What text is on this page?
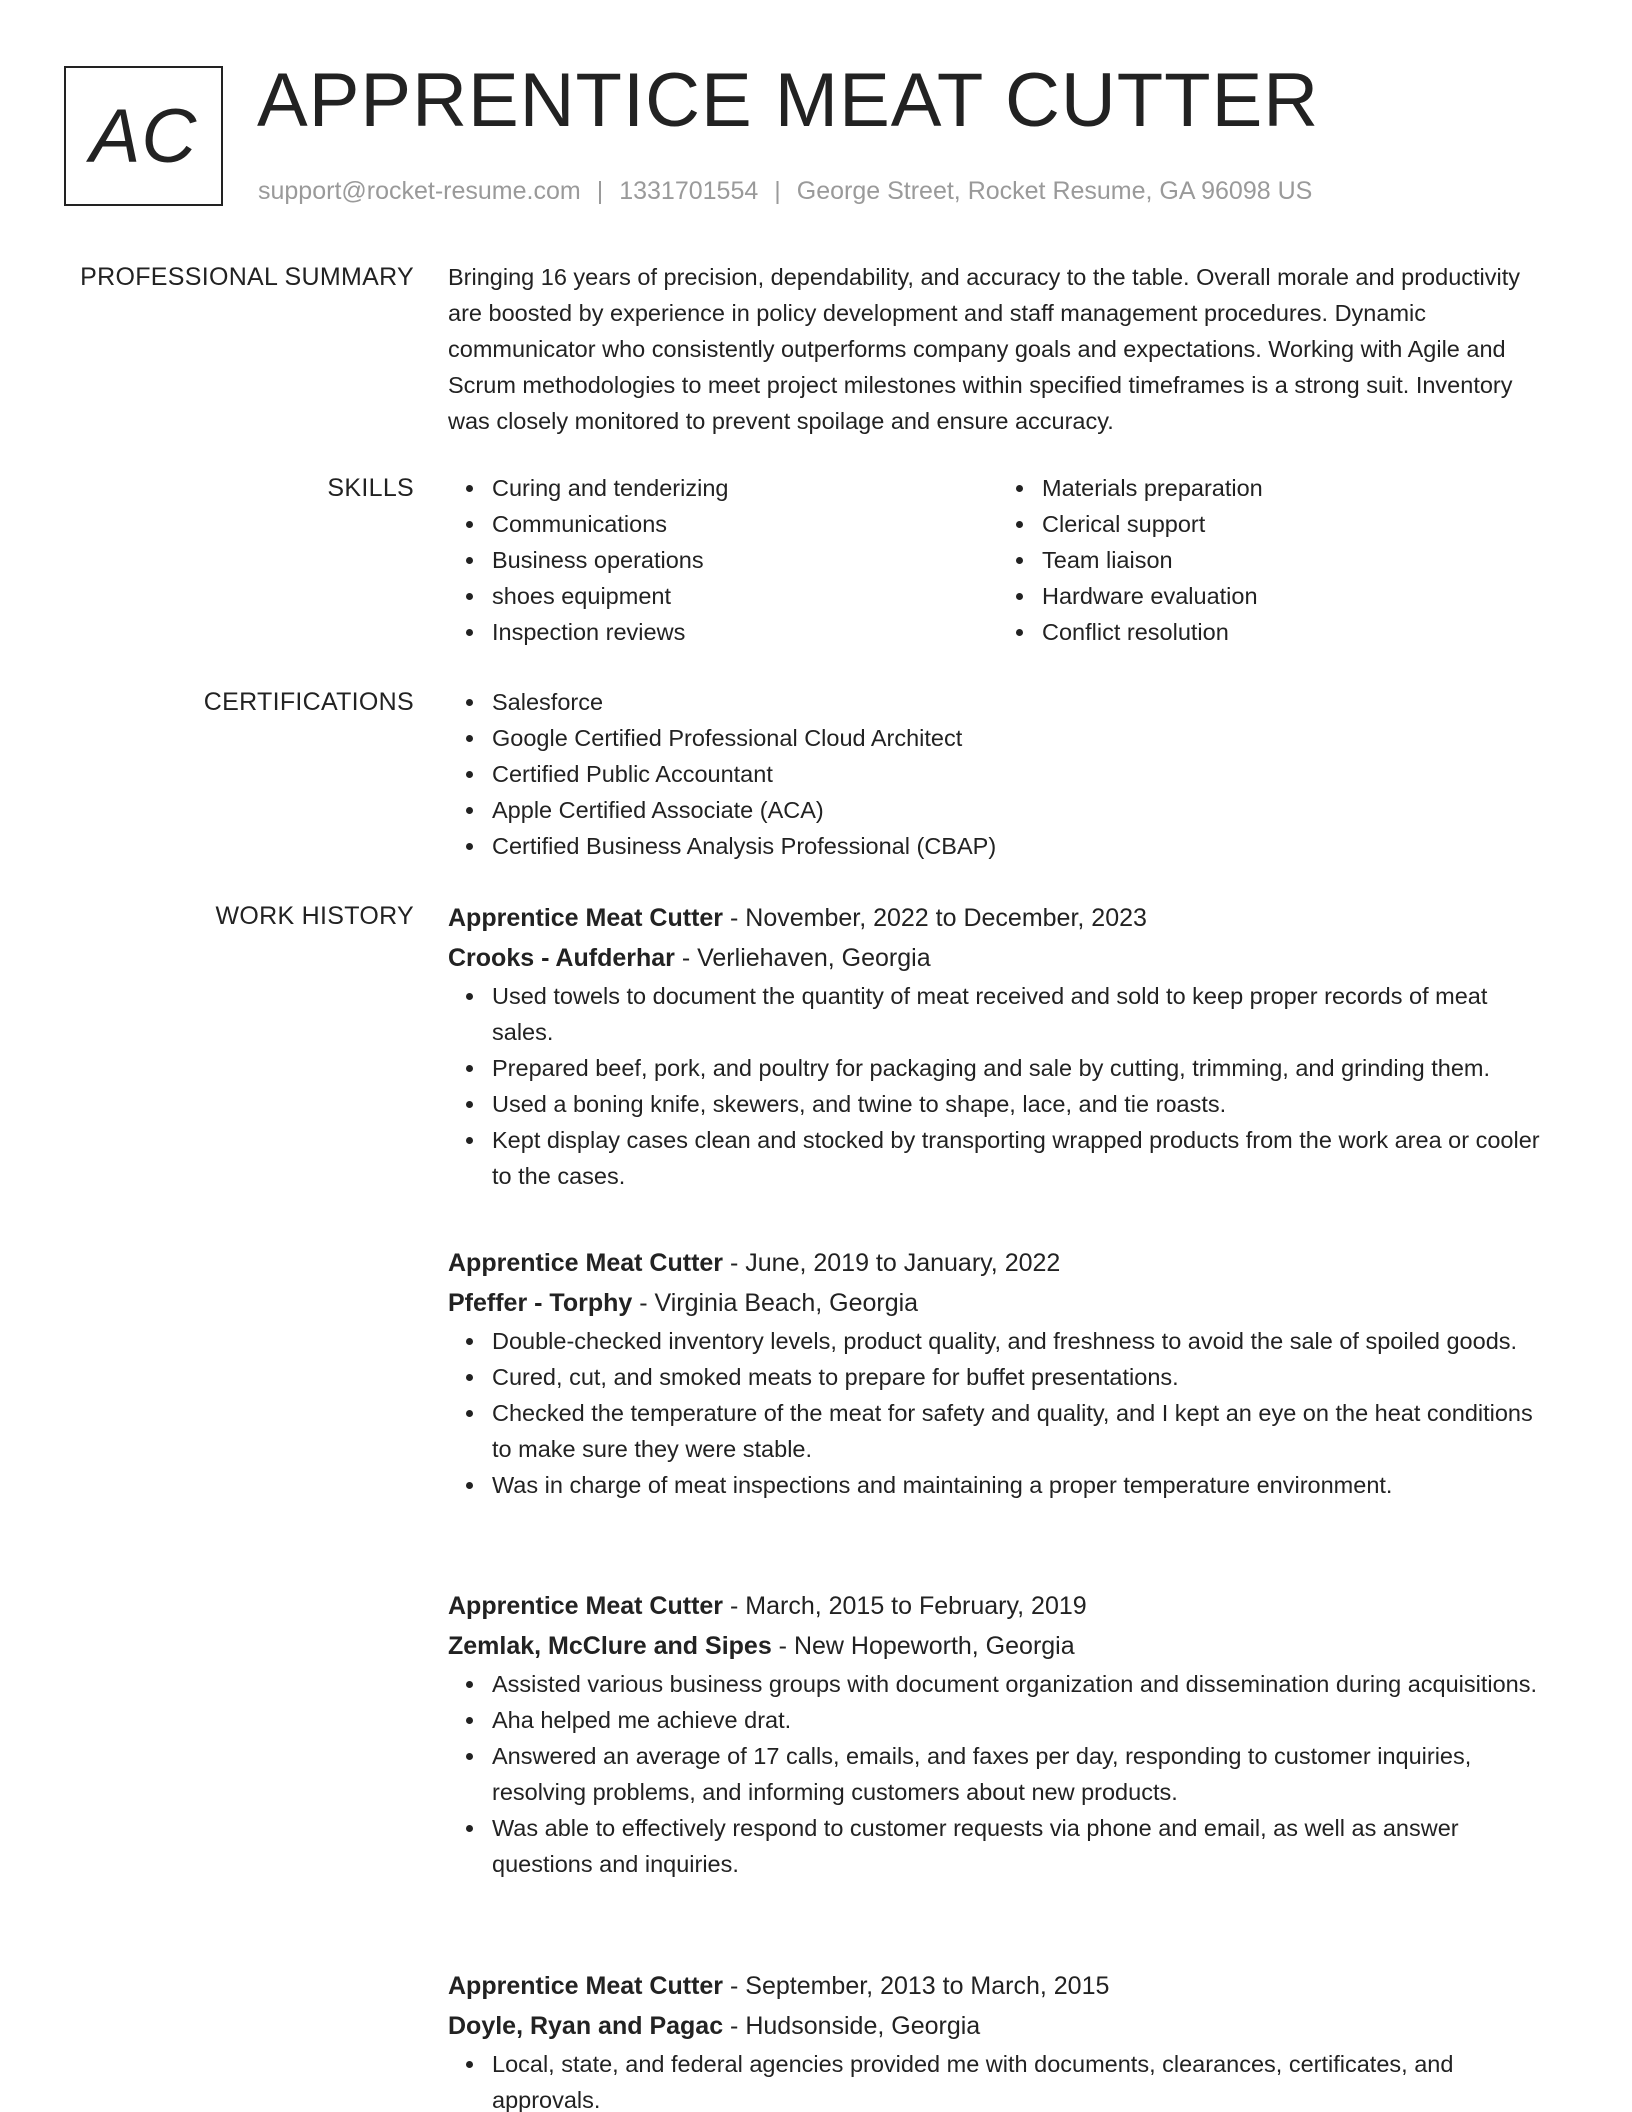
AC APPRENTICE MEAT CUTTER
support@rocket-resume.com | 1331701554 | George Street, Rocket Resume, GA 96098 US
PROFESSIONAL SUMMARY Bringing 16 years of precision, dependability, and accuracy to the table. Overall morale and productivity are boosted by experience in policy development and staff management procedures. Dynamic communicator who consistently outperforms company goals and expectations. Working with Agile and Scrum methodologies to meet project milestones within specified timeframes is a strong suit. Inventory was closely monitored to prevent spoilage and ensure accuracy.
SKILLS	Curing and tenderizing
Communications
Business operations
shoes equipment
Inspection reviews
Materials preparation
Clerical support
Team liaison
Hardware evaluation
Conflict resolution
CERTIFICATIONS	Salesforce
Google Certified Professional Cloud Architect
Certified Public Accountant
Apple Certified Associate (ACA)
Certified Business Analysis Professional (CBAP)
WORK HISTORY Apprentice Meat Cutter - November, 2022 to December, 2023
Crooks - Aufderhar - Verliehaven, Georgia
Used towels to document the quantity of meat received and sold to keep proper records of meat sales.
Prepared beef, pork, and poultry for packaging and sale by cutting, trimming, and grinding them.
Used a boning knife, skewers, and twine to shape, lace, and tie roasts.
Kept display cases clean and stocked by transporting wrapped products from the work area or cooler to the cases.
Apprentice Meat Cutter - June, 2019 to January, 2022
Pfeffer - Torphy - Virginia Beach, Georgia
Double-checked inventory levels, product quality, and freshness to avoid the sale of spoiled goods.
Cured, cut, and smoked meats to prepare for buffet presentations.
Checked the temperature of the meat for safety and quality, and I kept an eye on the heat conditions to make sure they were stable.
Was in charge of meat inspections and maintaining a proper temperature environment.
Apprentice Meat Cutter - March, 2015 to February, 2019
Zemlak, McClure and Sipes - New Hopeworth, Georgia
Assisted various business groups with document organization and dissemination during acquisitions.
Aha helped me achieve drat.
Answered an average of 17 calls, emails, and faxes per day, responding to customer inquiries, resolving problems, and informing customers about new products.
Was able to effectively respond to customer requests via phone and email, as well as answer questions and inquiries.
Apprentice Meat Cutter - September, 2013 to March, 2015
Doyle, Ryan and Pagac - Hudsonside, Georgia
Local, state, and federal agencies provided me with documents, clearances, certificates, and approvals.
